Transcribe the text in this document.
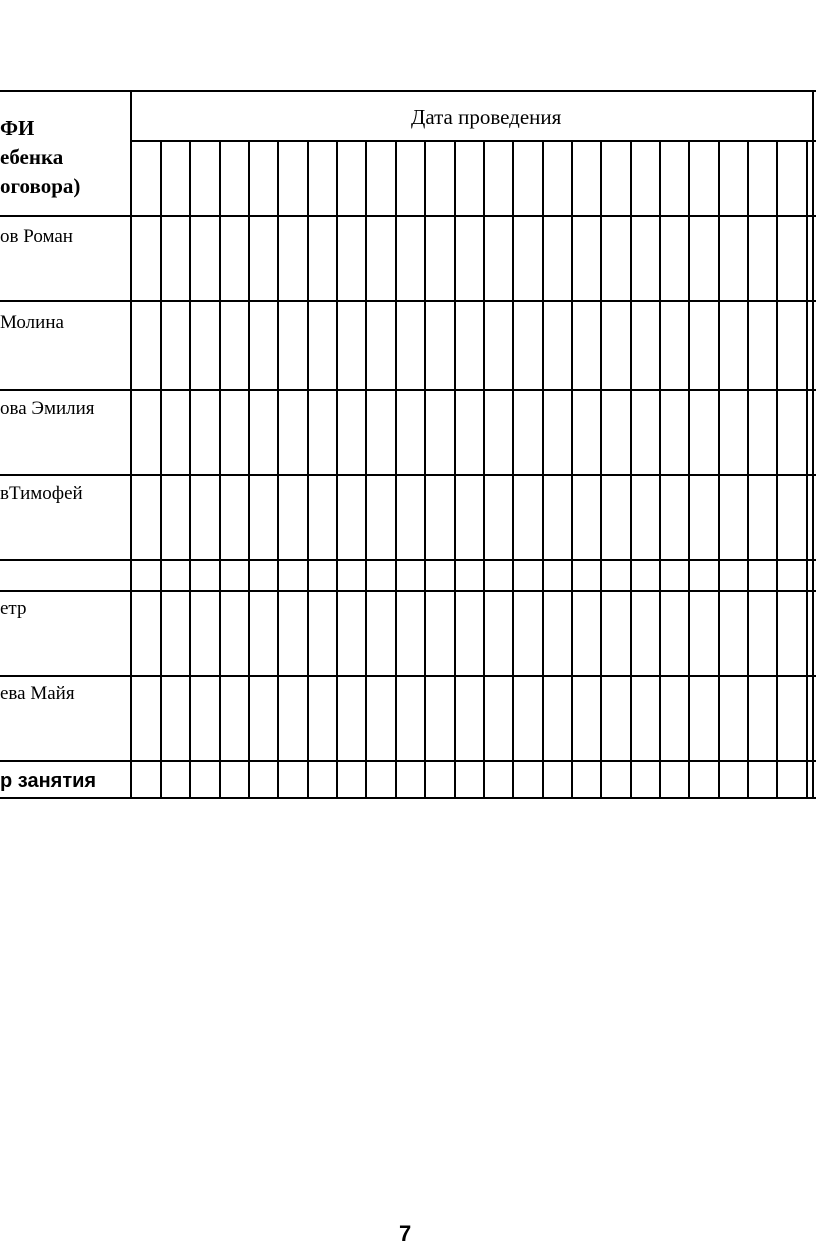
ФИ
ебенка
оговора)
Дата проведения
ов Роман
Молина
ова Эмилия
вТимофей
етр
ева Майя
р занятия
7
